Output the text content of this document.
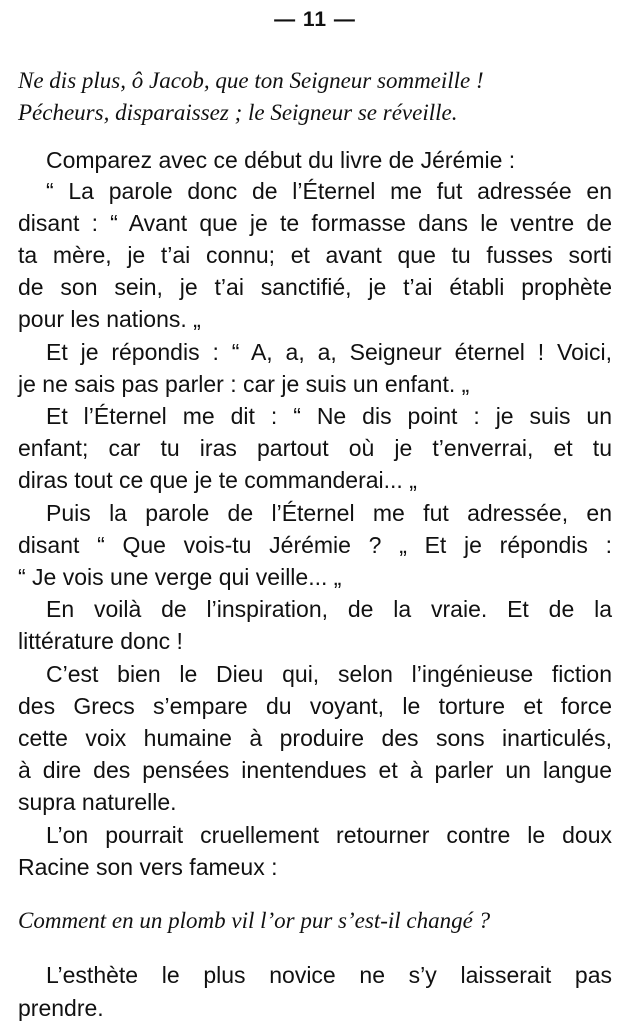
— 11 —
Ne dis plus, ô Jacob, que ton Seigneur sommeille !
Pécheurs, disparaissez ; le Seigneur se réveille.
Comparez avec ce début du livre de Jérémie :
“ La parole donc de l’Éternel me fut adressée en
disant : “ Avant que je te formasse dans le ventre de
ta mère, je t’ai connu; et avant que tu fusses sorti
de son sein, je t’ai sanctifié, je t’ai établi prophète
pour les nations. „
Et je répondis : “ A, a, a, Seigneur éternel ! Voici,
je ne sais pas parler : car je suis un enfant. „
Et l’Éternel me dit : “ Ne dis point : je suis un
enfant; car tu iras partout où je t’enverrai, et tu
diras tout ce que je te commanderai... „
Puis la parole de l’Éternel me fut adressée, en
disant “ Que vois-tu Jérémie ? „ Et je répondis :
“ Je vois une verge qui veille... „
En voilà de l’inspiration, de la vraie. Et de la
littérature donc !
C’est bien le Dieu qui, selon l’ingénieuse fiction
des Grecs s’empare du voyant, le torture et force
cette voix humaine à produire des sons inarticulés,
à dire des pensées inentendues et à parler un langue
supra naturelle.
L’on pourrait cruellement retourner contre le doux
Racine son vers fameux :
Comment en un plomb vil l’or pur s’est-il changé ?
L’esthète le plus novice ne s’y laisserait pas
prendre.
